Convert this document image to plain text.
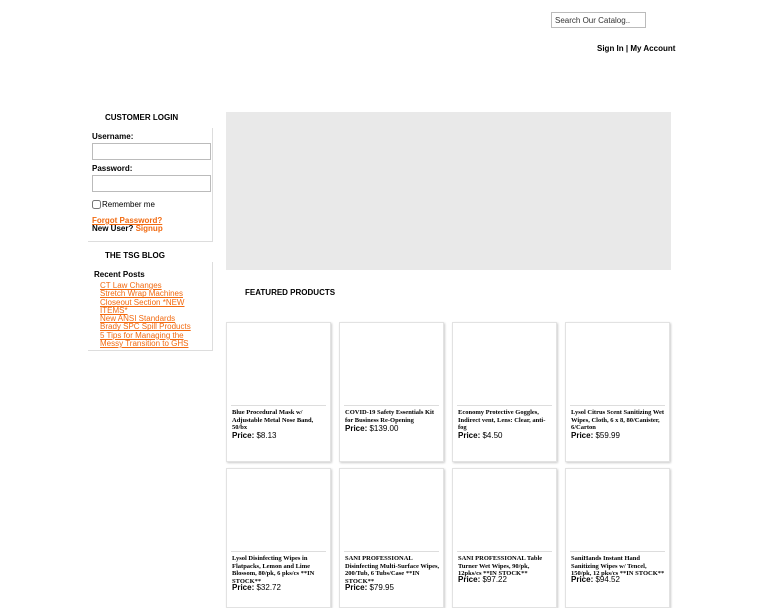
Search Our Catalog..
Sign In | My Account
CUSTOMER LOGIN
Username:
Password:
Remember me
Forgot Password?
New User? Signup
THE TSG BLOG
Recent Posts
CT Law Changes
Stretch Wrap Machines
Closeout Section *NEW ITEMS*
New ANSI Standards
Brady SPC Spill Products
5 Tips for Managing the Messy Transition to GHS
FEATURED PRODUCTS
Blue Procedural Mask w/ Adjustable Metal Nose Band, 50/bx
Price: $8.13
COVID-19 Safety Essentials Kit for Business Re-Opening
Price: $139.00
Economy Protective Goggles, Indirect vent, Lens: Clear, anti-fog
Price: $4.50
Lysol Citrus Scent Sanitizing Wet Wipes, Cloth, 6 x 8, 80/Canister, 6/Carton
Price: $59.99
Lysol Disinfecting Wipes in Flatpacks, Lemon and Lime Blossom, 80/pk, 6 pks/cs **IN STOCK**
Price: $32.72
SANI PROFESSIONAL Disinfecting Multi-Surface Wipes, 200/Tub, 6 Tubs/Case **IN STOCK**
Price: $79.95
SANI PROFESSIONAL Table Turner Wet Wipes, 90/pk, 12pks/cs **IN STOCK**
Price: $97.22
SaniHands Instant Hand Sanitizing Wipes w/ Tencel, 150/pk, 12 pks/cs **IN STOCK**
Price: $94.52
